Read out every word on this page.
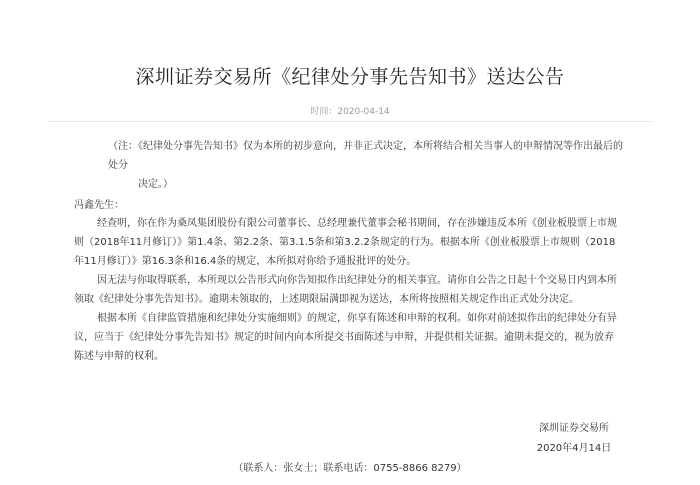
深圳证券交易所《纪律处分事先告知书》送达公告
时间：2020-04-14
（注：《纪律处分事先告知书》仅为本所的初步意向，并非正式决定，本所将结合相关当事人的申辩情况等作出最后的处分
决定。）
冯鑫先生：

经查明，你在作为桑凤集团股份有限公司董事长、总经理兼代董事会秘书期间，存在涉嫌违反本所《创业板股票上市规则（2018年11月修订）》第1.4条、第2.2条、第3.1.5条和第3.2.2条规定的行为。根据本所《创业板股票上市规则（2018年11月修订）》第16.3条和16.4条的规定，本所拟对你给予通报批评的处分。

因无法与你取得联系，本所现以公告形式向你告知拟作出纪律处分的相关事宜。请你自公告之日起十个交易日内到本所领取《纪律处分事先告知书》。逾期未领取的，上述期限届满即视为送达，本所将按照相关规定作出正式处分决定。

根据本所《自律监管措施和纪律处分实施细则》的规定，你享有陈述和申辩的权利。如你对前述拟作出的纪律处分有异议，应当于《纪律处分事先告知书》规定的时间内向本所提交书面陈述与申辩，并提供相关证据。逾期未提交的，视为放弃陈述与申辩的权利。

深圳证券交易所
2020年4月14日
（联系人：张女士；联系电话：0755-8866 8279）
